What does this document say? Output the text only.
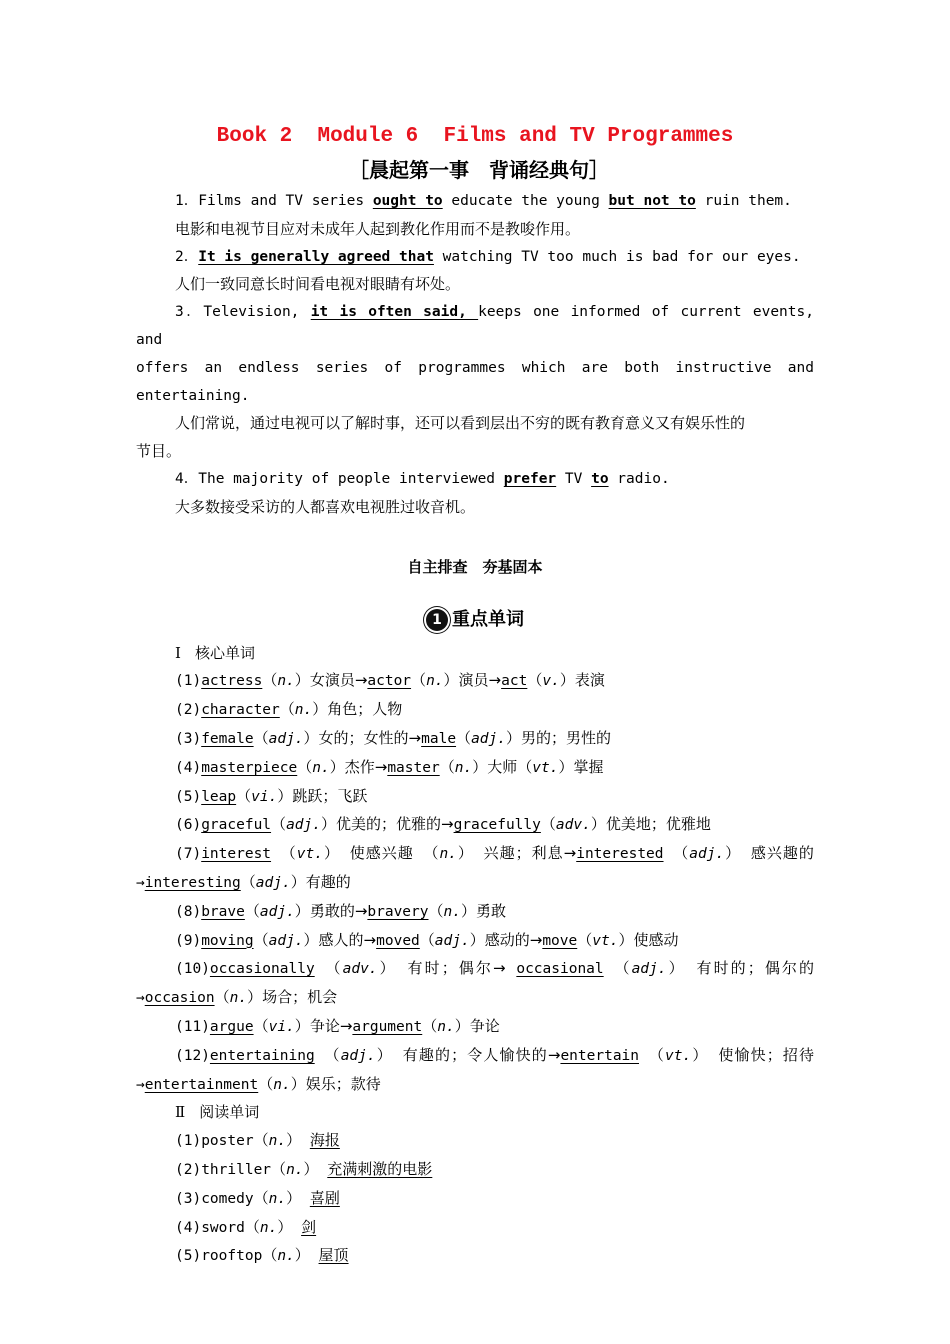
Book 2  Module 6  Films and TV Programmes
［晨起第一事　背诵经典句］
1．Films and TV series ought to educate the young but not to ruin them.
电影和电视节目应对未成年人起到教化作用而不是教唆作用。
2．It is generally agreed that watching TV too much is bad for our eyes.
人们一致同意长时间看电视对眼睛有坏处。
3．Television, it is often said, keeps one informed of current events, and
offers an endless series of programmes which are both instructive and
entertaining.
人们常说，通过电视可以了解时事，还可以看到层出不穷的既有教育意义又有娱乐性的
节目。
4．The majority of people interviewed prefer TV to radio.
大多数接受采访的人都喜欢电视胜过收音机。
自主排查　夯基固本
1 重点单词
Ⅰ 核心单词
(1)actress（n.）女演员→actor（n.）演员→act（v.）表演
(2)character（n.）角色；人物
(3)female（adj.）女的；女性的→male（adj.）男的；男性的
(4)masterpiece（n.）杰作→master（n.）大师（vt.）掌握
(5)leap（vi.）跳跃；飞跃
(6)graceful（adj.）优美的；优雅的→gracefully（adv.）优美地；优雅地
(7)interest （vt.） 使感兴趣 （n.） 兴趣；利息→interested （adj.） 感兴趣的
→interesting（adj.）有趣的
(8)brave（adj.）勇敢的→bravery（n.）勇敢
(9)moving（adj.）感人的→moved（adj.）感动的→move（vt.）使感动
(10)occasionally （adv.） 有时；偶尔→ occasional （adj.） 有时的；偶尔的
→occasion（n.）场合；机会
(11)argue（vi.）争论→argument（n.）争论
(12)entertaining （adj.） 有趣的；令人愉快的→entertain （vt.） 使愉快；招待
→entertainment（n.）娱乐；款待
Ⅱ 阅读单词
(1)poster（n.） 海报
(2)thriller（n.） 充满刺激的电影
(3)comedy（n.） 喜剧
(4)sword（n.） 剑
(5)rooftop（n.） 屋顶
